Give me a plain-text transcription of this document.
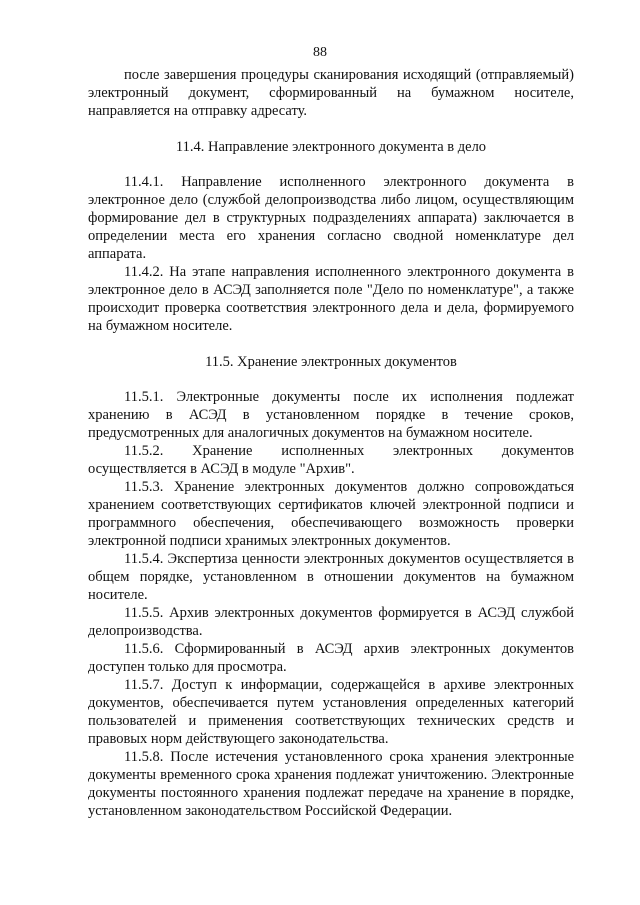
88

после завершения процедуры сканирования исходящий (отправляемый) электронный документ, сформированный на бумажном носителе, направляется на отправку адресату.

11.4. Направление электронного документа в дело

11.4.1. Направление исполненного электронного документа в электронное дело (службой делопроизводства либо лицом, осуществляющим формирование дел в структурных подразделениях аппарата) заключается в определении места его хранения согласно сводной номенклатуре дел аппарата.

11.4.2. На этапе направления исполненного электронного документа в электронное дело в АСЭД заполняется поле "Дело по номенклатуре", а также происходит проверка соответствия электронного дела и дела, формируемого на бумажном носителе.

11.5. Хранение электронных документов

11.5.1. Электронные документы после их исполнения подлежат хранению в АСЭД в установленном порядке в течение сроков, предусмотренных для аналогичных документов на бумажном носителе.

11.5.2. Хранение исполненных электронных документов осуществляется в АСЭД в модуле "Архив".

11.5.3. Хранение электронных документов должно сопровождаться хранением соответствующих сертификатов ключей электронной подписи и программного обеспечения, обеспечивающего возможность проверки электронной подписи хранимых электронных документов.

11.5.4. Экспертиза ценности электронных документов осуществляется в общем порядке, установленном в отношении документов на бумажном носителе.

11.5.5. Архив электронных документов формируется в АСЭД службой делопроизводства.

11.5.6. Сформированный в АСЭД архив электронных документов доступен только для просмотра.

11.5.7. Доступ к информации, содержащейся в архиве электронных документов, обеспечивается путем установления определенных категорий пользователей и применения соответствующих технических средств и правовых норм действующего законодательства.

11.5.8. После истечения установленного срока хранения электронные документы временного срока хранения подлежат уничтожению. Электронные документы постоянного хранения подлежат передаче на хранение в порядке, установленном законодательством Российской Федерации.
